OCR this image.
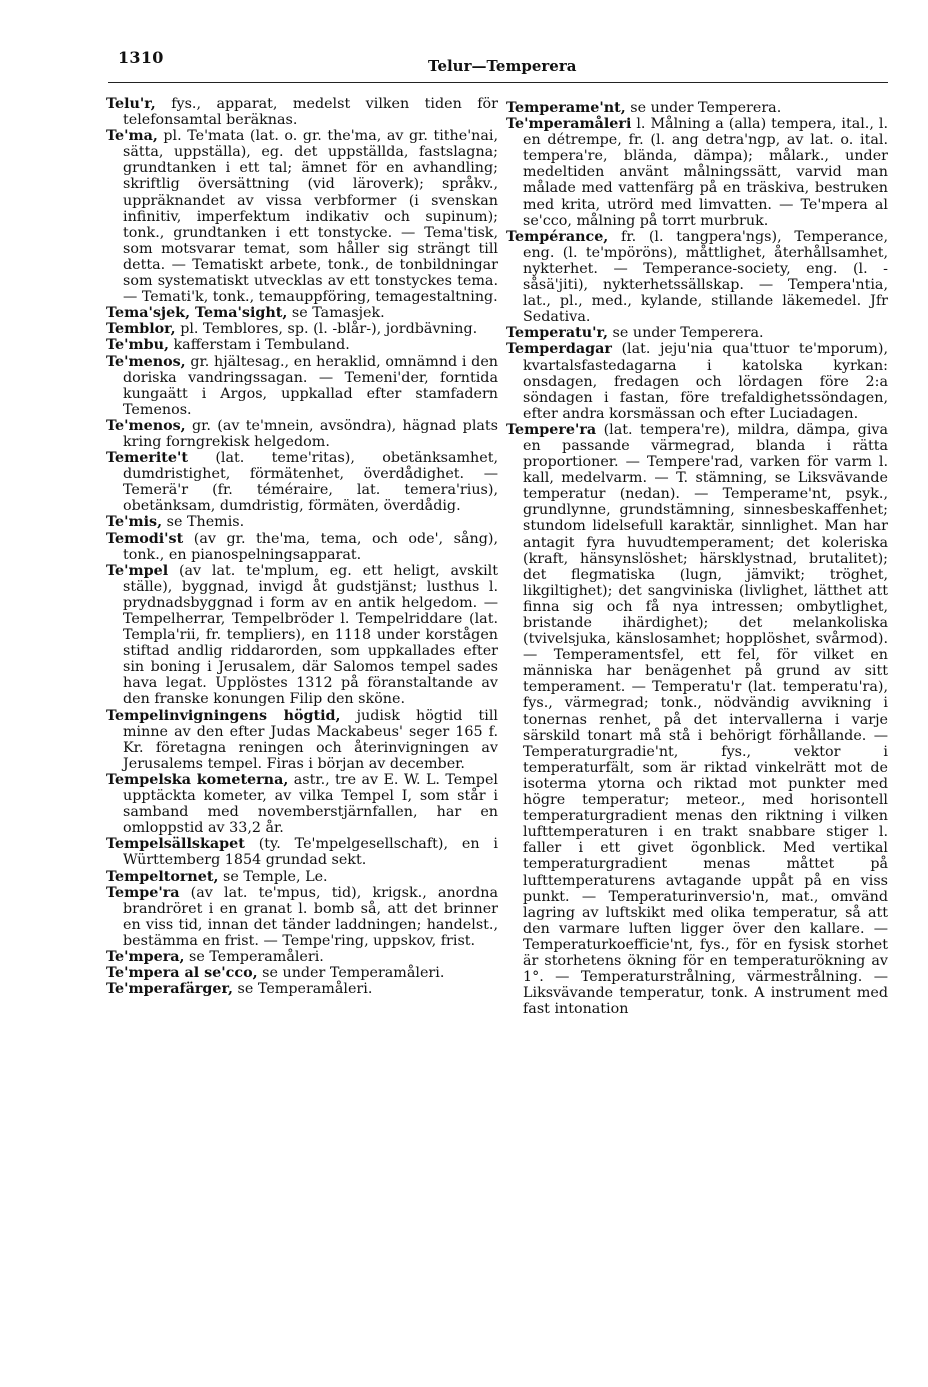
1310	Telur—Temperera

Telu'r, fys., apparat, medelst vilken tiden för telefonsamtal beräknas.

Te'ma, pl. Te'mata (lat. o. gr. the'ma, av gr. tithe'nai, sätta, uppställa), eg. det uppställda, fastslagna; grundtanken i ett tal; ämnet för en avhandling; skriftlig översättning (vid läroverk); språkv., uppräknandet av vissa verbformer (i svenskan infinitiv, imperfektum indikativ och supinum); tonk., grundtanken i ett tonstycke. — Tema'tisk, som motsvarar temat, som håller sig strängt till detta. — Tematiskt arbete, tonk., de tonbildningar som systematiskt utvecklas av ett tonstyckes tema. — Temati'k, tonk., temauppföring, temagestaltning.

Tema'sjek, Tema'sight, se Tamasjek.

Temblor, pl. Temblores, sp. (l. -blår-), jordbävning.

Te'mbu, kafferstam i Tembuland.

Te'menos, gr. hjältesag., en heraklid, omnämnd i den doriska vandringssagan. — Temeni'der, forntida kungaätt i Argos, uppkallad efter stamfadern Temenos.

Te'menos, gr. (av te'mnein, avsöndra), hägnad plats kring forngrekisk helgedom.

Temerite't (lat. teme'ritas), obetänksamhet, dumdristighet, förmätenhet, överdådighet. — Temerä'r (fr. téméraire, lat. temera'rius), obetänksam, dumdristig, förmäten, överdådig.

Te'mis, se Themis.

Temodi'st (av gr. the'ma, tema, och ode', sång), tonk., en pianospelningsapparat.

Te'mpel (av lat. te'mplum, eg. ett heligt, avskilt ställe), byggnad, invigd åt gudstjänst; lusthus l. prydnadsbyggnad i form av en antik helgedom. — Tempelherrar, Tempelbröder l. Tempelriddare (lat. Templa'rii, fr. templiers), en 1118 under korstågen stiftad andlig riddarorden, som uppkallades efter sin boning i Jerusalem, där Salomos tempel sades hava legat. Upplöstes 1312 på föranstaltande av den franske konungen Filip den sköne.

Tempelinvigningens högtid, judisk högtid till minne av den efter Judas Mackabeus' seger 165 f. Kr. företagna reningen och återinvigningen av Jerusalems tempel. Firas i början av december.

Tempelska kometerna, astr., tre av E. W. L. Tempel upptäckta kometer, av vilka Tempel I, som står i samband med novemberstjärnfallen, har en omloppstid av 33,2 år.

Tempelsällskapet (ty. Te'mpelgesellschaft), en i Württemberg 1854 grundad sekt.

Tempeltornet, se Temple, Le.

Tempe'ra (av lat. te'mpus, tid), krigsk., anordna brandröret i en granat l. bomb så, att det brinner en viss tid, innan det tänder laddningen; handelst., bestämma en frist. — Tempe'ring, uppskov, frist.

Te'mpera, se Temperamåleri.

Te'mpera al se'cco, se under Temperamåleri.

Te'mperafärger, se Temperamåleri.

Temperame'nt, se under Temperera.

Te'mperamåleri l. Målning a (alla) tempera, ital., l. en détrempe, fr. (l. ang detra'ngp, av lat. o. ital. tempera're, blända, dämpa); målark., under medeltiden använt målningssätt, varvid man målade med vattenfärg på en träskiva, bestruken med krita, utrörd med limvatten. — Te'mpera al se'cco, målning på torrt murbruk.

Tempérance, fr. (l. tangpera'ngs), Temperance, eng. (l. te'mpöröns), måttlighet, återhållsamhet, nykterhet. — Temperance-society, eng. (l. -såsä'jiti), nykterhetssällskap. — Tempera'ntia, lat., pl., med., kylande, stillande läkemedel. Jfr Sedativa.

Temperatu'r, se under Temperera.

Temperdagar (lat. jeju'nia qua'ttuor te'mporum), kvartalsfastedagarna i katolska kyrkan: onsdagen, fredagen och lördagen före 2:a söndagen i fastan, före trefaldighetssöndagen, efter andra korsmässan och efter Luciadagen.

Tempere'ra (lat. tempera're), mildra, dämpa, giva en passande värmegrad, blanda i rätta proportioner. — Tempere'rad, varken för varm l. kall, medelvarm. — T. stämning, se Liksvävande temperatur (nedan). — Temperame'nt, psyk., grundlynne, grundstämning, sinnesbeskaffenhet; stundom lidelsefull karaktär, sinnlighet. Man har antagit fyra huvudtemperament; det koleriska (kraft, hänsynslöshet; härsklystnad, brutalitet); det flegmatiska (lugn, jämvikt; tröghet, likgiltighet); det sangviniska (livlighet, lätthet att finna sig och få nya intressen; ombytlighet, bristande ihärdighet); det melankoliska (tvivelsjuka, känslosamhet; hopplöshet, svårmod). — Temperamentsfel, ett fel, för vilket en människa har benägenhet på grund av sitt temperament. — Temperatu'r (lat. temperatu'ra), fys., värmegrad; tonk., nödvändig avvikning i tonernas renhet, på det intervallerna i varje särskild tonart må stå i behörigt förhållande. — Temperaturgradie'nt, fys., vektor i temperaturfält, som är riktad vinkelrätt mot de isoterma ytorna och riktad mot punkter med högre temperatur; meteor., med horisontell temperaturgradient menas den riktning i vilken lufttemperaturen i en trakt snabbare stiger l. faller i ett givet ögonblick. Med vertikal temperaturgradient menas måttet på lufttemperaturens avtagande uppåt på en viss punkt. — Temperaturinversio'n, mat., omvänd lagring av luftskikt med olika temperatur, så att den varmare luften ligger över den kallare. — Temperaturkoefficie'nt, fys., för en fysisk storhet är storhetens ökning för en temperaturökning av 1°. — Temperaturstrålning, värmestrålning. — Liksvävande temperatur, tonk. A instrument med fast intonation
